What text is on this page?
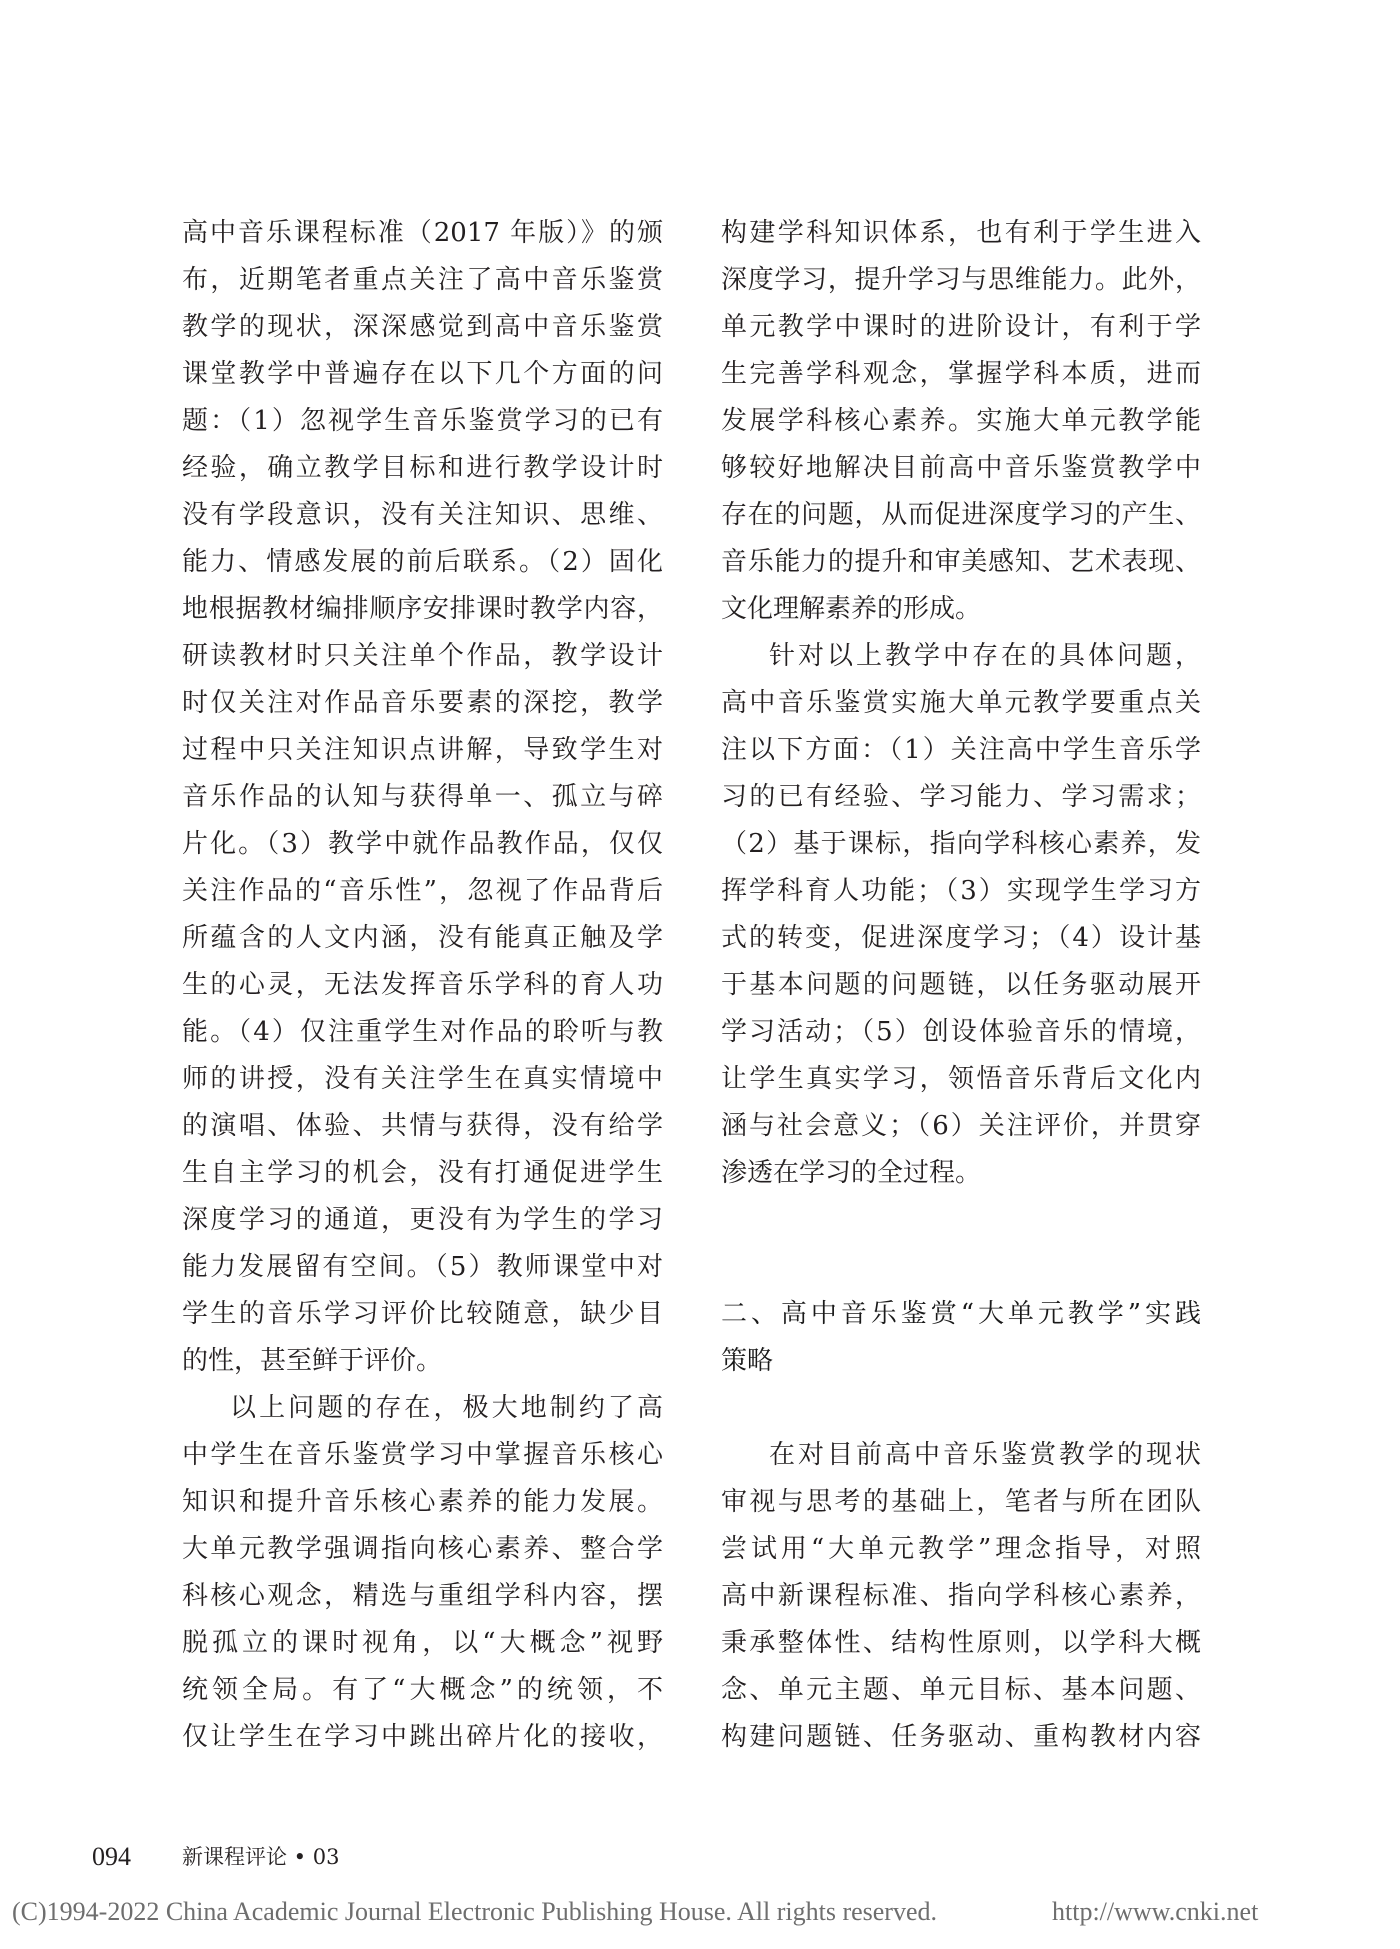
高中音乐课程标准（2017 年版）》的颁
布，近期笔者重点关注了高中音乐鉴赏
教学的现状，深深感觉到高中音乐鉴赏
课堂教学中普遍存在以下几个方面的问
题：（1）忽视学生音乐鉴赏学习的已有
经验，确立教学目标和进行教学设计时
没有学段意识，没有关注知识、思维、
能力、情感发展的前后联系。（2）固化
地根据教材编排顺序安排课时教学内容，
研读教材时只关注单个作品，教学设计
时仅关注对作品音乐要素的深挖，教学
过程中只关注知识点讲解，导致学生对
音乐作品的认知与获得单一、孤立与碎
片化。（3）教学中就作品教作品，仅仅
关注作品的“音乐性”，忽视了作品背后
所蕴含的人文内涵，没有能真正触及学
生的心灵，无法发挥音乐学科的育人功
能。（4）仅注重学生对作品的聆听与教
师的讲授，没有关注学生在真实情境中
的演唱、体验、共情与获得，没有给学
生自主学习的机会，没有打通促进学生
深度学习的通道，更没有为学生的学习
能力发展留有空间。（5）教师课堂中对
学生的音乐学习评价比较随意，缺少目
的性，甚至鲜于评价。
以上问题的存在，极大地制约了高
中学生在音乐鉴赏学习中掌握音乐核心
知识和提升音乐核心素养的能力发展。
大单元教学强调指向核心素养、整合学
科核心观念，精选与重组学科内容，摆
脱孤立的课时视角，以“大概念”视野
统领全局。有了“大概念”的统领，不
仅让学生在学习中跳出碎片化的接收，
构建学科知识体系，也有利于学生进入
深度学习，提升学习与思维能力。此外，
单元教学中课时的进阶设计，有利于学
生完善学科观念，掌握学科本质，进而
发展学科核心素养。实施大单元教学能
够较好地解决目前高中音乐鉴赏教学中
存在的问题，从而促进深度学习的产生、
音乐能力的提升和审美感知、艺术表现、
文化理解素养的形成。
针对以上教学中存在的具体问题，
高中音乐鉴赏实施大单元教学要重点关
注以下方面：（1）关注高中学生音乐学
习的已有经验、学习能力、学习需求；
（2）基于课标，指向学科核心素养，发
挥学科育人功能；（3）实现学生学习方
式的转变，促进深度学习；（4）设计基
于基本问题的问题链，以任务驱动展开
学习活动；（5）创设体验音乐的情境，
让学生真实学习，领悟音乐背后文化内
涵与社会意义；（6）关注评价，并贯穿
渗透在学习的全过程。
二、高中音乐鉴赏“大单元教学”实践
策略
在对目前高中音乐鉴赏教学的现状
审视与思考的基础上，笔者与所在团队
尝试用“大单元教学”理念指导，对照
高中新课程标准、指向学科核心素养，
秉承整体性、结构性原则，以学科大概
念、单元主题、单元目标、基本问题、
构建问题链、任务驱动、重构教材内容
094 新课程评论 • 03
(C)1994-2022 China Academic Journal Electronic Publishing House. All rights reserved.	http://www.cnki.net
